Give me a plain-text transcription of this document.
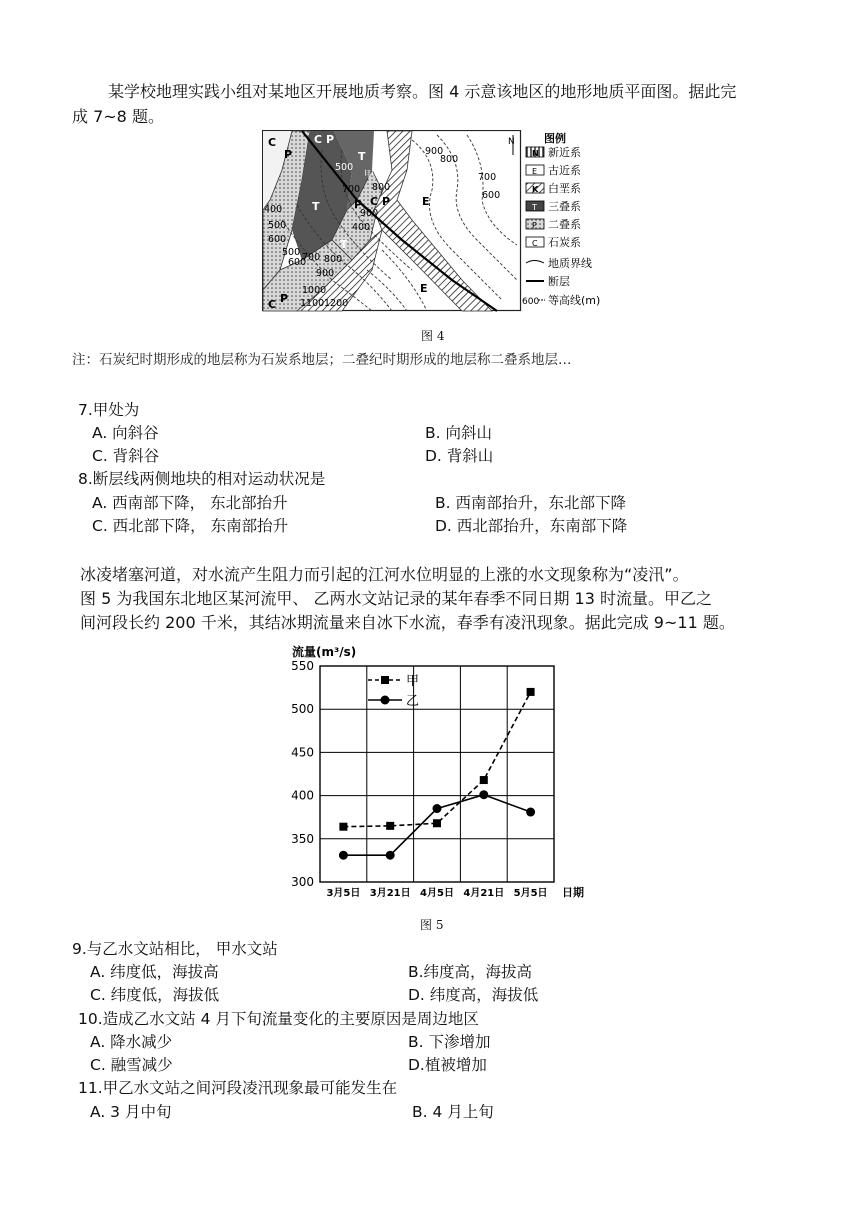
某学校地理实践小组对某地区开展地质考察。图 4 示意该地区的地形地质平面图。据此完
成 7~8 题。
C
P
C P
T
T
T
P C P	E
E
P
C
500
400
500
600
700 800
900
900
800
700
600
400
500
600
700 800
900
1000
1100 1200
甲
N	图例
N 新近系
E 古近系
K 白垩系
T 三叠系
P 二叠系
C 石炭系
地质界线
断层
600 等高线(m)
图 4
注：石炭纪时期形成的地层称为石炭系地层；二叠纪时期形成的地层称二叠系地层…
7.甲处为
A. 向斜谷	B. 向斜山
C. 背斜谷	D. 背斜山
8.断层线两侧地块的相对运动状况是
A. 西南部下降， 东北部抬升	B. 西南部抬升，东北部下降
C. 西北部下降， 东南部抬升	D. 西北部抬升，东南部下降
冰凌堵塞河道，对水流产生阻力而引起的江河水位明显的上涨的水文现象称为“凌汛”。
图 5 为我国东北地区某河流甲、 乙两水文站记录的某年春季不同日期 13 时流量。甲乙之
间河段长约 200 千米，其结冰期流量来自冰下水流，春季有凌汛现象。据此完成 9~11 题。
流量(m³/s)
300
350
400
450
500
550
3月5日 3月21日 4月5日 4月21日 5月5日 日期
甲
乙
图 5
9.与乙水文站相比， 甲水文站
A. 纬度低，海拔高	B.纬度高，海拔高
C. 纬度低，海拔低	D. 纬度高，海拔低
10.造成乙水文站 4 月下旬流量变化的主要原因是周边地区
A. 降水减少	B. 下渗增加
C. 融雪减少	D.植被增加
11.甲乙水文站之间河段凌汛现象最可能发生在
A. 3 月中旬	B. 4 月上旬
